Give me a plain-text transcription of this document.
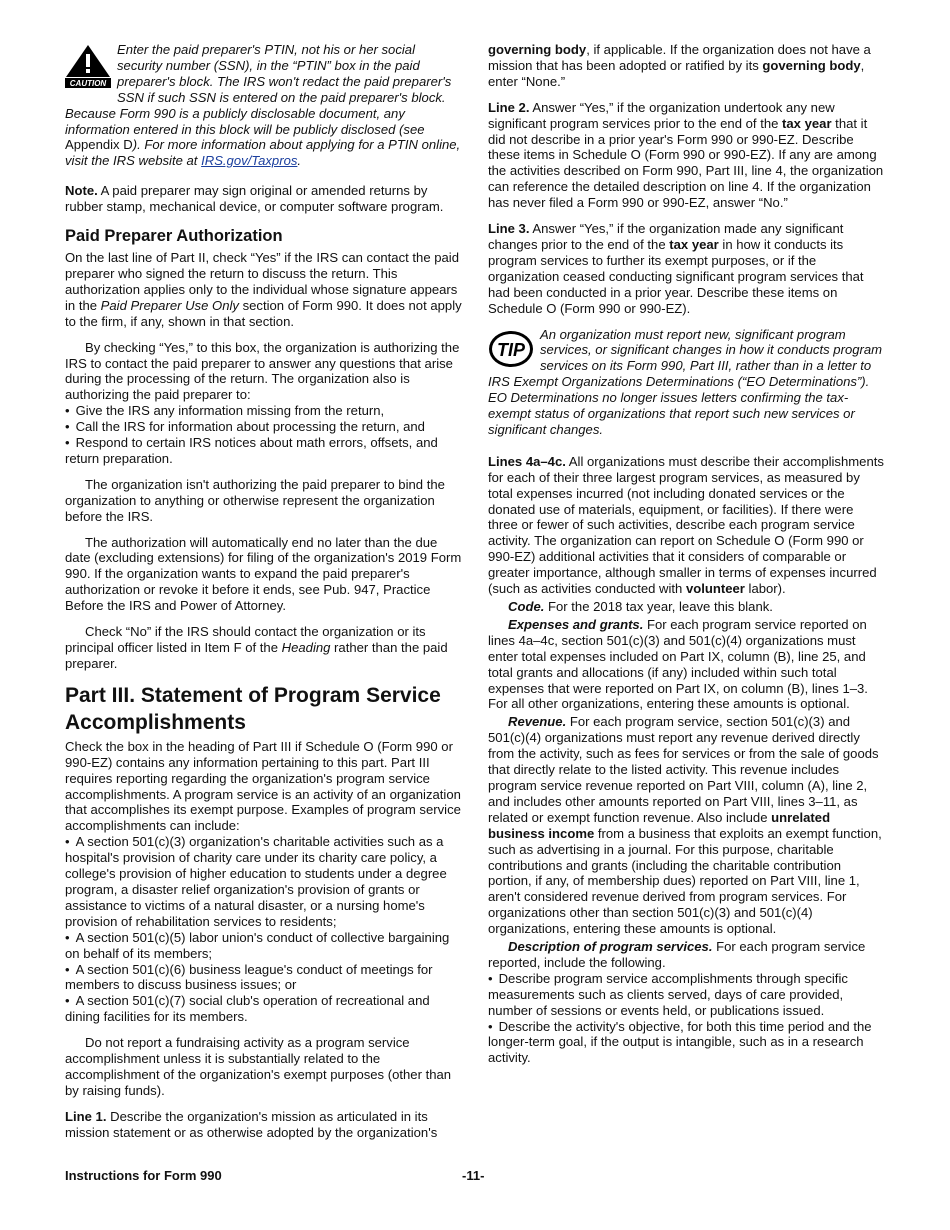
CAUTION
Enter the paid preparer's PTIN, not his or her social security number (SSN), in the “PTIN” box in the paid preparer's block. The IRS won't redact the paid preparer's SSN if such SSN is entered on the paid preparer's block. Because Form 990 is a publicly disclosable document, any information entered in this block will be publicly disclosed (see Appendix D). For more information about applying for a PTIN online, visit the IRS website at IRS.gov/Taxpros.

Note. A paid preparer may sign original or amended returns by rubber stamp, mechanical device, or computer software program.

Paid Preparer Authorization

On the last line of Part II, check “Yes” if the IRS can contact the paid preparer who signed the return to discuss the return. This authorization applies only to the individual whose signature appears in the Paid Preparer Use Only section of Form 990. It does not apply to the firm, if any, shown in that section.

By checking “Yes,” to this box, the organization is authorizing the IRS to contact the paid preparer to answer any questions that arise during the processing of the return. The organization also is authorizing the paid preparer to:

• Give the IRS any information missing from the return,

• Call the IRS for information about processing the return, and

• Respond to certain IRS notices about math errors, offsets, and return preparation.

The organization isn't authorizing the paid preparer to bind the organization to anything or otherwise represent the organization before the IRS.

The authorization will automatically end no later than the due date (excluding extensions) for filing of the organization's 2019 Form 990. If the organization wants to expand the paid preparer's authorization or revoke it before it ends, see Pub. 947, Practice Before the IRS and Power of Attorney.

Check “No” if the IRS should contact the organization or its principal officer listed in Item F of the Heading rather than the paid preparer.

Part III. Statement of Program Service Accomplishments

Check the box in the heading of Part III if Schedule O (Form 990 or 990-EZ) contains any information pertaining to this part. Part III requires reporting regarding the organization's program service accomplishments. A program service is an activity of an organization that accomplishes its exempt purpose. Examples of program service accomplishments can include:

• A section 501(c)(3) organization's charitable activities such as a hospital's provision of charity care under its charity care policy, a college's provision of higher education to students under a degree program, a disaster relief organization's provision of grants or assistance to victims of a natural disaster, or a nursing home's provision of rehabilitation services to residents;

• A section 501(c)(5) labor union's conduct of collective bargaining on behalf of its members;

• A section 501(c)(6) business league's conduct of meetings for members to discuss business issues; or

• A section 501(c)(7) social club's operation of recreational and dining facilities for its members.

Do not report a fundraising activity as a program service accomplishment unless it is substantially related to the accomplishment of the organization's exempt purposes (other than by raising funds).

Line 1. Describe the organization's mission as articulated in its mission statement or as otherwise adopted by the organization's

governing body, if applicable. If the organization does not have a mission that has been adopted or ratified by its governing body, enter “None.”

Line 2. Answer “Yes,” if the organization undertook any new significant program services prior to the end of the tax year that it did not describe in a prior year's Form 990 or 990-EZ. Describe these items in Schedule O (Form 990 or 990-EZ). If any are among the activities described on Form 990, Part III, line 4, the organization can reference the detailed description on line 4. If the organization has never filed a Form 990 or 990-EZ, answer “No.”

Line 3. Answer “Yes,” if the organization made any significant changes prior to the end of the tax year in how it conducts its program services to further its exempt purposes, or if the organization ceased conducting significant program services that had been conducted in a prior year. Describe these items on Schedule O (Form 990 or 990-EZ).

TIP
An organization must report new, significant program services, or significant changes in how it conducts program services on its Form 990, Part III, rather than in a letter to IRS Exempt Organizations Determinations (“EO Determinations”). EO Determinations no longer issues letters confirming the tax-exempt status of organizations that report such new services or significant changes.

Lines 4a–4c. All organizations must describe their accomplishments for each of their three largest program services, as measured by total expenses incurred (not including donated services or the donated use of materials, equipment, or facilities). If there were three or fewer of such activities, describe each program service activity. The organization can report on Schedule O (Form 990 or 990-EZ) additional activities that it considers of comparable or greater importance, although smaller in terms of expenses incurred (such as activities conducted with volunteer labor).

Code. For the 2018 tax year, leave this blank.

Expenses and grants. For each program service reported on lines 4a–4c, section 501(c)(3) and 501(c)(4) organizations must enter total expenses included on Part IX, column (B), line 25, and total grants and allocations (if any) included within such total expenses that were reported on Part IX, on column (B), lines 1–3. For all other organizations, entering these amounts is optional.

Revenue. For each program service, section 501(c)(3) and 501(c)(4) organizations must report any revenue derived directly from the activity, such as fees for services or from the sale of goods that directly relate to the listed activity. This revenue includes program service revenue reported on Part VIII, column (A), line 2, and includes other amounts reported on Part VIII, lines 3–11, as related or exempt function revenue. Also include unrelated business income from a business that exploits an exempt function, such as advertising in a journal. For this purpose, charitable contributions and grants (including the charitable contribution portion, if any, of membership dues) reported on Part VIII, line 1, aren't considered revenue derived from program services. For organizations other than section 501(c)(3) and 501(c)(4) organizations, entering these amounts is optional.

Description of program services. For each program service reported, include the following.

• Describe program service accomplishments through specific measurements such as clients served, days of care provided, number of sessions or events held, or publications issued.

• Describe the activity's objective, for both this time period and the longer-term goal, if the output is intangible, such as in a research activity.

Instructions for Form 990	-11-
